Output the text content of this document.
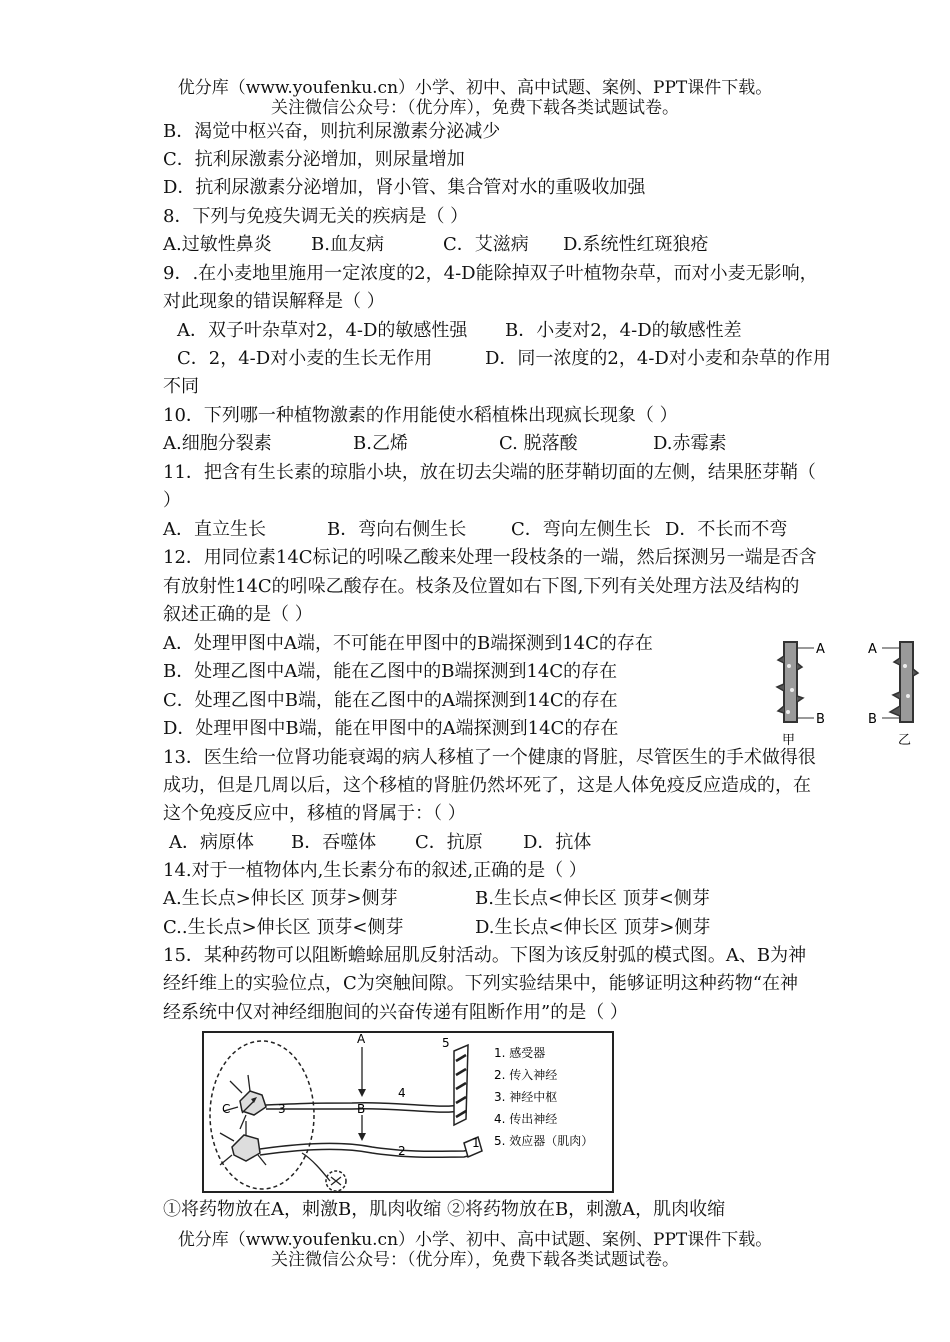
优分库（www.youfenku.cn）小学、初中、高中试题、案例、PPT课件下载。
关注微信公众号：（优分库），免费下载各类试题试卷。
B．渴觉中枢兴奋，则抗利尿激素分泌减少
C．抗利尿激素分泌增加，则尿量增加
D．抗利尿激素分泌增加，肾小管、集合管对水的重吸收加强
8．下列与免疫失调无关的疾病是（ ）
A.过敏性鼻炎 B.血友病	C．艾滋病 D.系统性红斑狼疮
9．.在小麦地里施用一定浓度的2，4-D能除掉双子叶植物杂草，而对小麦无影响，
对此现象的错误解释是（ ）
A．双子叶杂草对2，4-D的敏感性强 B．小麦对2，4-D的敏感性差
C．2，4-D对小麦的生长无作用	D．同一浓度的2，4-D对小麦和杂草的作用
不同
10．下列哪一种植物激素的作用能使水稻植株出现疯长现象（ ）
A.细胞分裂素	B.乙烯	C. 脱落酸	D.赤霉素
11．把含有生长素的琼脂小块，放在切去尖端的胚芽鞘切面的左侧，结果胚芽鞘（
）
A．直立生长	B．弯向右侧生长 C．弯向左侧生长 D．不长而不弯
12．用同位素14C标记的吲哚乙酸来处理一段枝条的一端，然后探测另一端是否含
有放射性14C的吲哚乙酸存在。枝条及位置如右下图,下列有关处理方法及结构的
叙述正确的是（ ）
A．处理甲图中A端，不可能在甲图中的B端探测到14C的存在
B．处理乙图中A端，能在乙图中的B端探测到14C的存在
C．处理乙图中B端，能在乙图中的A端探测到14C的存在
D．处理甲图中B端，能在甲图中的A端探测到14C的存在
A
B
甲
A
B
乙
13．医生给一位肾功能衰竭的病人移植了一个健康的肾脏，尽管医生的手术做得很
成功，但是几周以后，这个移植的肾脏仍然坏死了，这是人体免疫反应造成的，在
这个免疫反应中，移植的肾属于：（ ）
A．病原体 B．吞噬体 C．抗原 D．抗体
14.对于一植物体内,生长素分布的叙述,正确的是（ ）
A.生长点>伸长区 顶芽>侧芽	B.生长点<伸长区 顶芽<侧芽
C..生长点>伸长区 顶芽<侧芽	D.生长点<伸长区 顶芽>侧芽
15．某种药物可以阻断蟾蜍屈肌反射活动。下图为该反射弧的模式图。A、B为神
经纤维上的实验位点，C为突触间隙。下列实验结果中，能够证明这种药物“在神
经系统中仅对神经细胞间的兴奋传递有阻断作用”的是（ ）
A
B
C
1
2
3
4
5
1. 感受器
2. 传入神经
3. 神经中枢
4. 传出神经
5. 效应器（肌肉）
①将药物放在A，刺激B，肌肉收缩 ②将药物放在B，刺激A，肌肉收缩
优分库（www.youfenku.cn）小学、初中、高中试题、案例、PPT课件下载。
关注微信公众号：（优分库），免费下载各类试题试卷。
